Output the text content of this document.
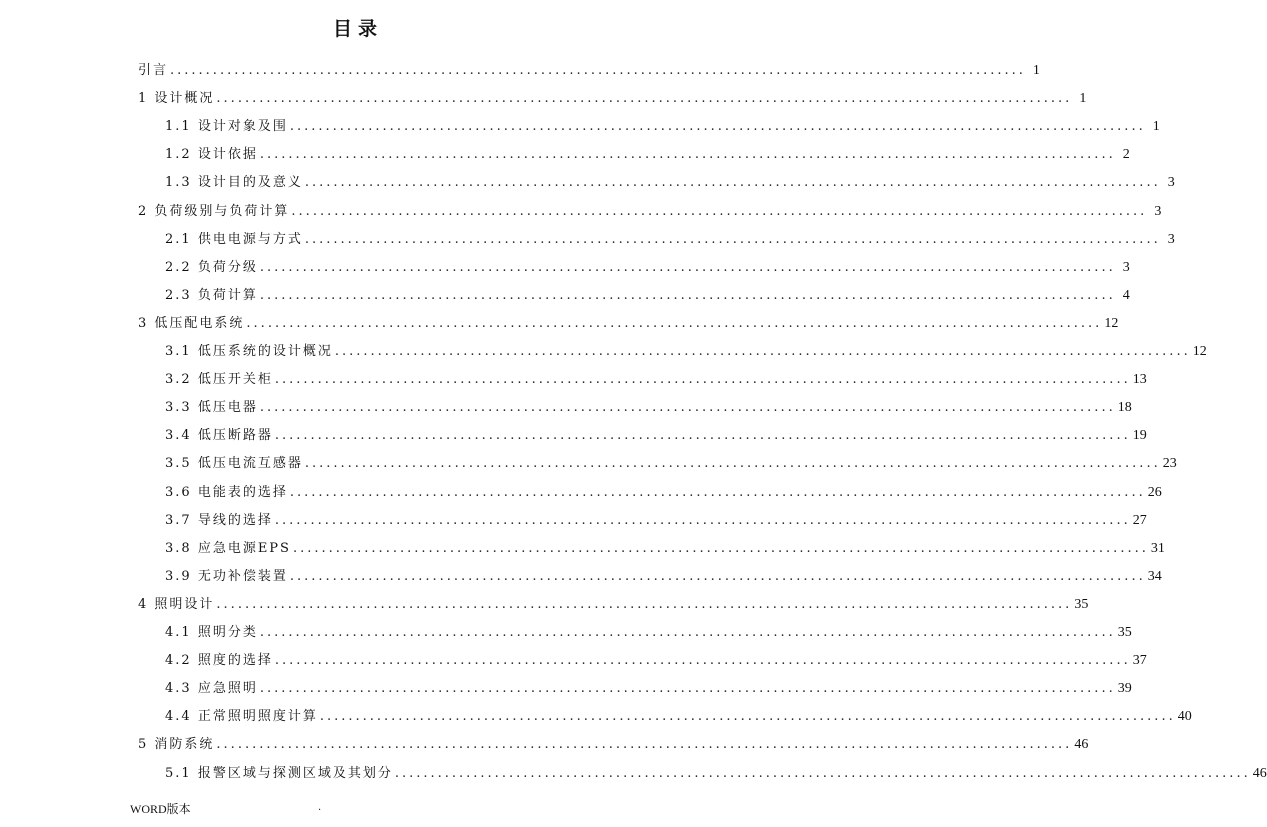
目录
引言 ........................................................................................................................ 1
1 设计概况 ........................................................................................................................ 1
1.1 设计对象及围 ........................................................................................................................ 1
1.2 设计依据 ........................................................................................................................ 2
1.3 设计目的及意义 ........................................................................................................................ 3
2 负荷级别与负荷计算 ........................................................................................................................ 3
2.1 供电电源与方式 ........................................................................................................................ 3
2.2 负荷分级 ........................................................................................................................ 3
2.3 负荷计算 ........................................................................................................................ 4
3 低压配电系统 ........................................................................................................................ 12
3.1 低压系统的设计概况 ........................................................................................................................ 12
3.2 低压开关柜 ........................................................................................................................ 13
3.3 低压电器 ........................................................................................................................ 18
3.4 低压断路器 ........................................................................................................................ 19
3.5 低压电流互感器 ........................................................................................................................ 23
3.6 电能表的选择 ........................................................................................................................ 26
3.7 导线的选择 ........................................................................................................................ 27
3.8 应急电源EPS ........................................................................................................................ 31
3.9 无功补偿装置 ........................................................................................................................ 34
4 照明设计 ........................................................................................................................ 35
4.1 照明分类 ........................................................................................................................ 35
4.2 照度的选择 ........................................................................................................................ 37
4.3 应急照明 ........................................................................................................................ 39
4.4 正常照明照度计算 ........................................................................................................................ 40
5 消防系统 ........................................................................................................................ 46
5.1 报警区域与探测区域及其划分 ........................................................................................................................ 46
WORD版本	.
